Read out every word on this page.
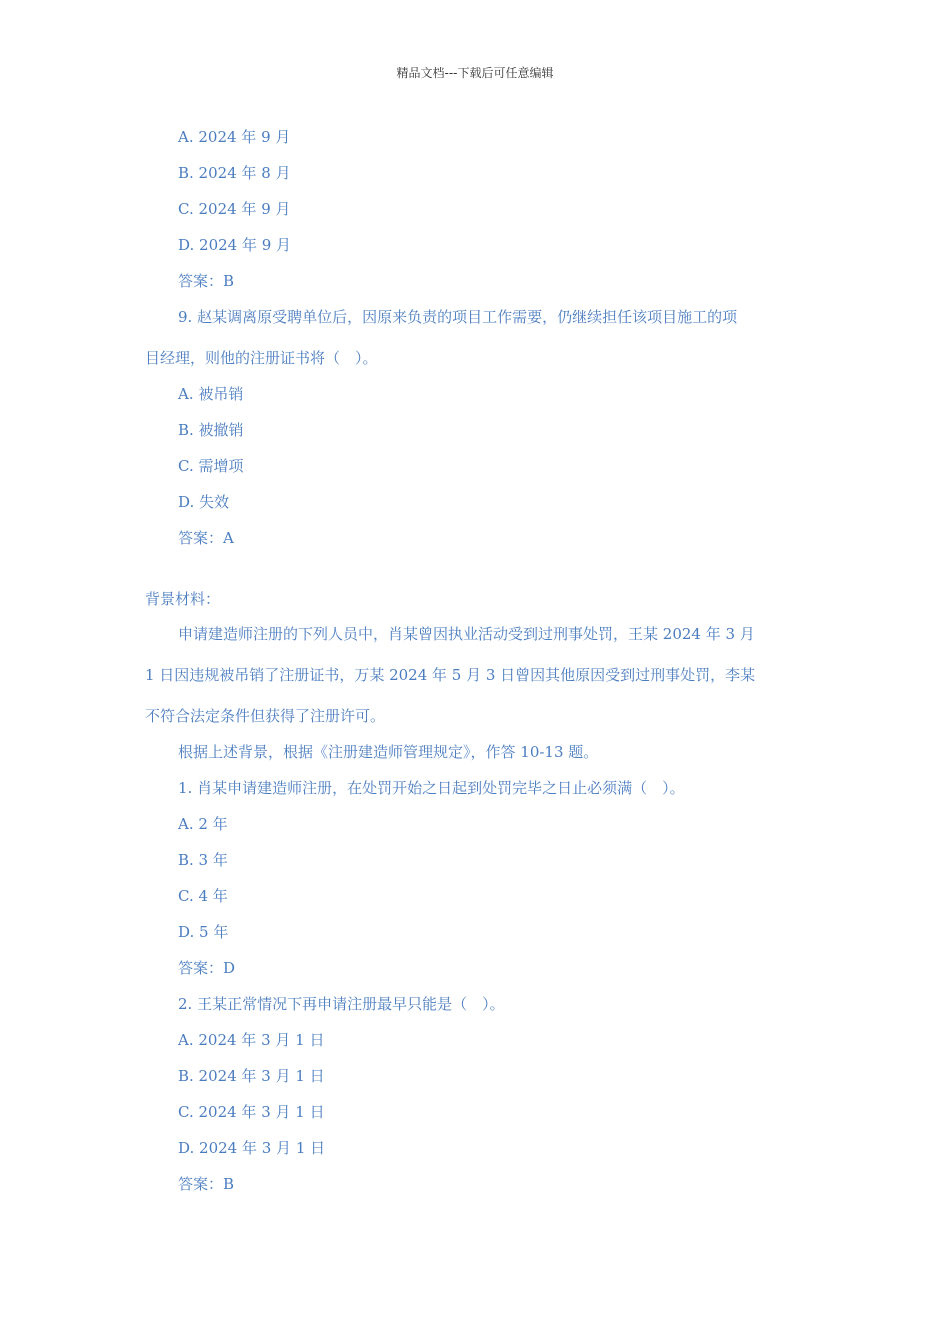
精品文档---下载后可任意编辑
A. 2024 年 9 月
B. 2024 年 8 月
C. 2024 年 9 月
D. 2024 年 9 月
答案：B
9. 赵某调离原受聘单位后，因原来负责的项目工作需要，仍继续担任该项目施工的项
目经理，则他的注册证书将（　）。
A. 被吊销
B. 被撤销
C. 需增项
D. 失效
答案：A
背景材料：
申请建造师注册的下列人员中，肖某曾因执业活动受到过刑事处罚，王某 2024 年 3 月
1 日因违规被吊销了注册证书，万某 2024 年 5 月 3 日曾因其他原因受到过刑事处罚，李某
不符合法定条件但获得了注册许可。
根据上述背景，根据《注册建造师管理规定》，作答 10-13 题。
1. 肖某申请建造师注册，在处罚开始之日起到处罚完毕之日止必须满（　）。
A. 2 年
B. 3 年
C. 4 年
D. 5 年
答案：D
2. 王某正常情况下再申请注册最早只能是（　）。
A. 2024 年 3 月 1 日
B. 2024 年 3 月 1 日
C. 2024 年 3 月 1 日
D. 2024 年 3 月 1 日
答案：B
